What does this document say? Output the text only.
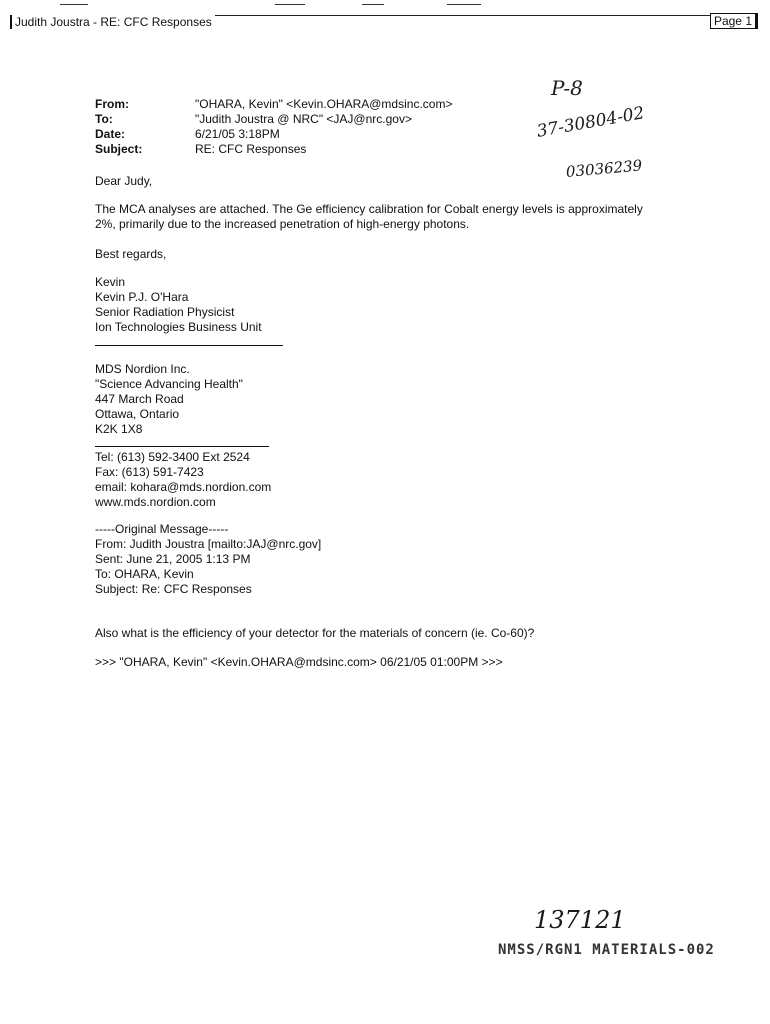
Judith Joustra - RE: CFC Responses	Page 1
P-8
37-30804-02
03036239
From:	"OHARA, Kevin" <Kevin.OHARA@mdsinc.com>
To:	"Judith Joustra @ NRC" <JAJ@nrc.gov>
Date:	6/21/05 3:18PM
Subject:	RE: CFC Responses
Dear Judy,

The MCA analyses are attached. The Ge efficiency calibration for Cobalt energy levels is approximately

2%, primarily due to the increased penetration of high-energy photons.

Best regards,

Kevin

Kevin P.J. O'Hara

Senior Radiation Physicist

Ion Technologies Business Unit

MDS Nordion Inc.

"Science Advancing Health"

447 March Road

Ottawa, Ontario

K2K 1X8

Tel: (613) 592-3400 Ext 2524

Fax: (613) 591-7423

email: kohara@mds.nordion.com

www.mds.nordion.com

-----Original Message-----

From: Judith Joustra [mailto:JAJ@nrc.gov]

Sent: June 21, 2005 1:13 PM

To: OHARA, Kevin

Subject: Re: CFC Responses

Also what is the efficiency of your detector for the materials of concern (ie. Co-60)?
>>> "OHARA, Kevin" <Kevin.OHARA@mdsinc.com> 06/21/05 01:00PM >>>
137121
NMSS/RGN1 MATERIALS-002
